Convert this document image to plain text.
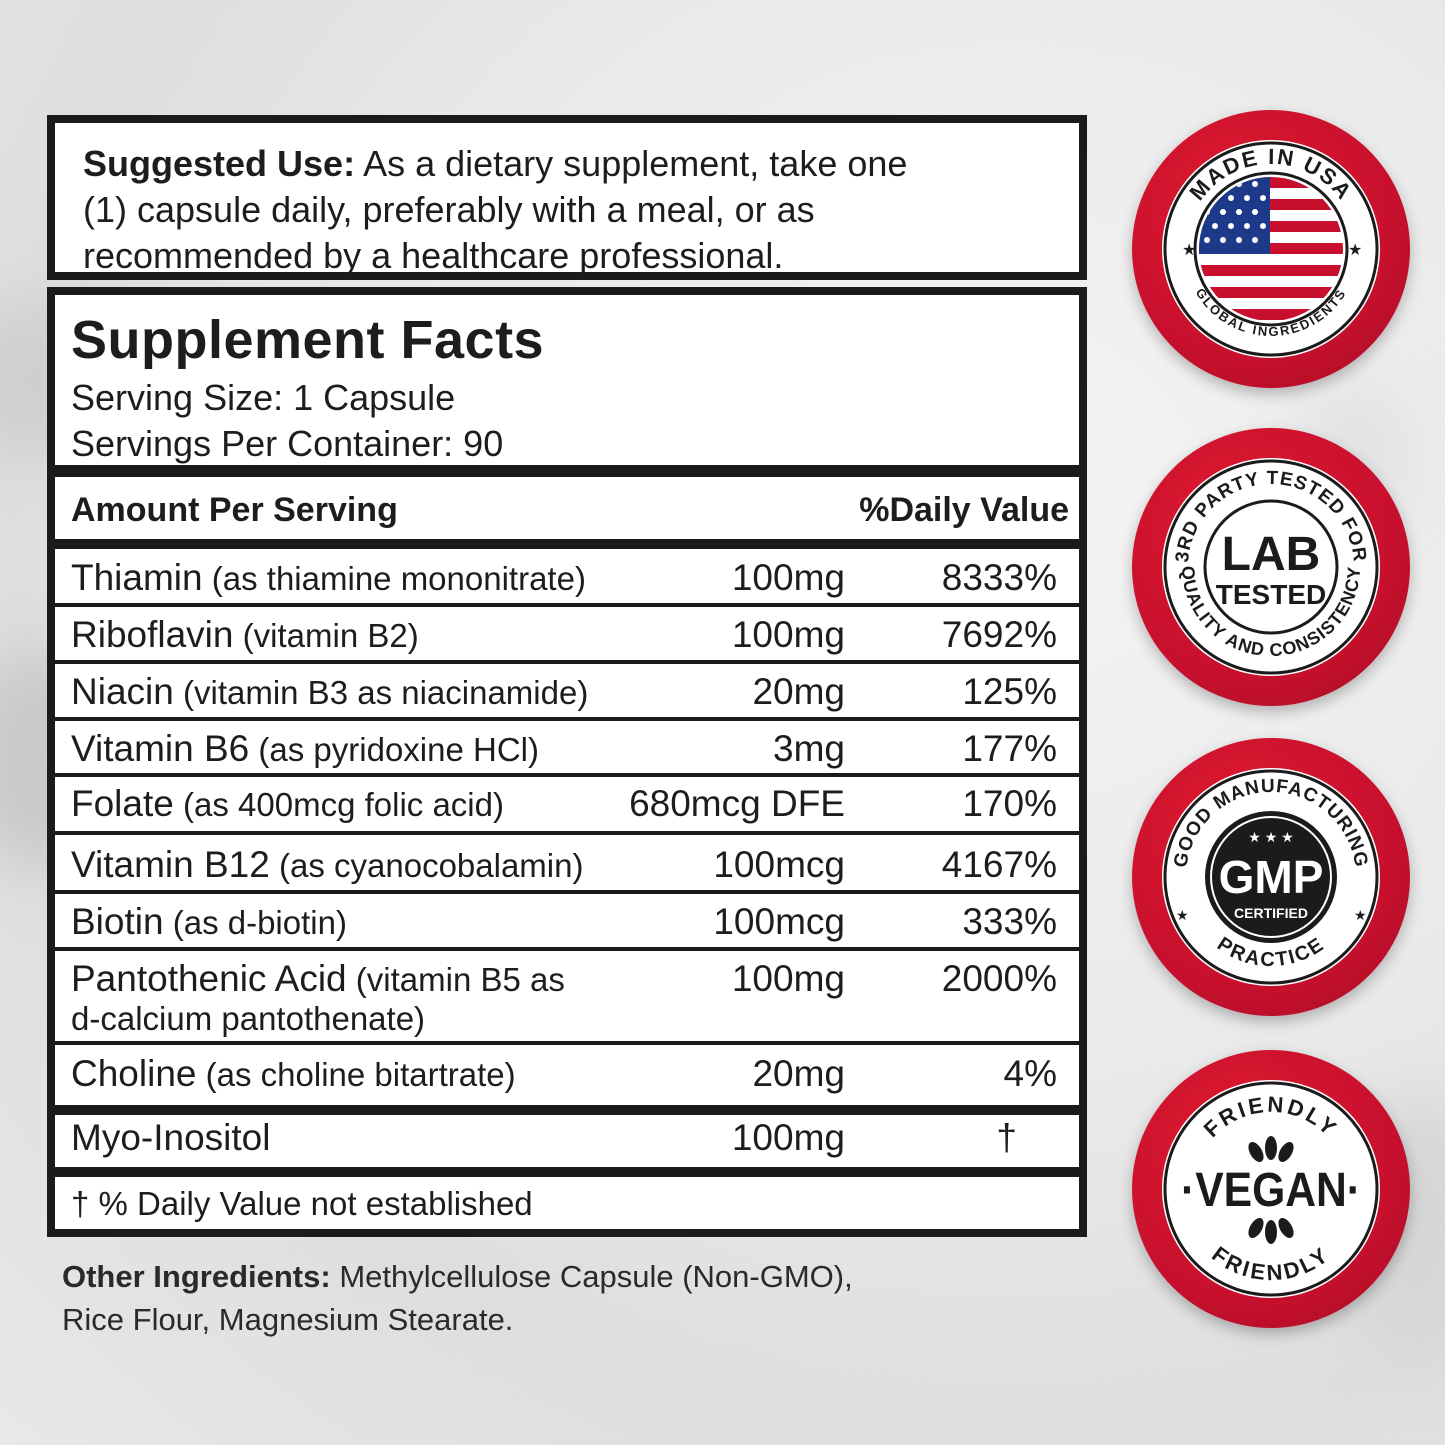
Suggested Use: As a dietary supplement, take one
(1) capsule daily, preferably with a meal, or as
recommended by a healthcare professional.
Supplement Facts
Serving Size: 1 Capsule
Servings Per Container: 90
Amount Per Serving	%Daily Value
Thiamin (as thiamine mononitrate)	100mg	8333%
Riboflavin (vitamin B2)	100mg	7692%
Niacin (vitamin B3 as niacinamide)	20mg	125%
Vitamin B6 (as pyridoxine HCl)	3mg	177%
Folate (as 400mcg folic acid)	680mcg DFE	170%
Vitamin B12 (as cyanocobalamin)	100mcg	4167%
Biotin (as d-biotin)	100mcg	333%
Pantothenic Acid (vitamin B5 as
d-calcium pantothenate)
100mg	2000%
Choline (as choline bitartrate)	20mg	4%
Myo-Inositol	100mg	†
† % Daily Value not established
Other Ingredients: Methylcellulose Capsule (Non-GMO),
Rice Flour, Magnesium Stearate.
MADE IN USA
GLOBAL INGREDIENTS
★	★
3RD PARTY TESTED FOR
QUALITY AND CONSISTENCY
LAB
TESTED
GOOD MANUFACTURING
PRACTICE
★ ★ ★
GMP
CERTIFIED
★	★
FRIENDLY
FRIENDLY
·VEGAN·
